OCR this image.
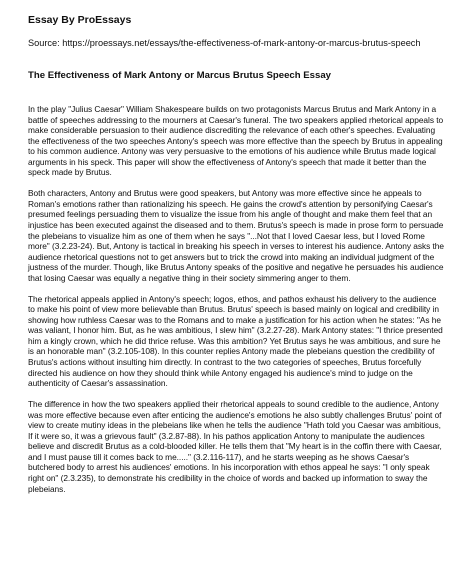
Essay By ProEssays

Source: https://proessays.net/essays/the-effectiveness-of-mark-antony-or-marcus-brutus-speech

The Effectiveness of Mark Antony or Marcus Brutus Speech Essay

In the play "Julius Caesar" William Shakespeare builds on two protagonists Marcus Brutus and Mark Antony in a battle of speeches addressing to the mourners at Caesar's funeral. The two speakers applied rhetorical appeals to make considerable persuasion to their audience discrediting the relevance of each other's speeches. Evaluating the effectiveness of the two speeches Antony's speech was more effective than the speech by Brutus in appealing to his common audience. Antony was very persuasive to the emotions of his audience while Brutus made logical arguments in his speck. This paper will show the effectiveness of Antony's speech that made it better than the speck made by Brutus.

Both characters, Antony and Brutus were good speakers, but Antony was more effective since he appeals to Roman's emotions rather than rationalizing his speech. He gains the crowd's attention by personifying Caesar's presumed feelings persuading them to visualize the issue from his angle of thought and make them feel that an injustice has been executed against the diseased and to them. Brutus's speech is made in prose form to persuade the plebeians to visualize him as one of them when he says "...Not that I loved Caesar less, but I loved Rome more" (3.2.23-24). But, Antony is tactical in breaking his speech in verses to interest his audience. Antony asks the audience rhetorical questions not to get answers but to trick the crowd into making an individual judgment of the justness of the murder. Though, like Brutus Antony speaks of the positive and negative he persuades his audience that losing Caesar was equally a negative thing in their society simmering anger to them.

The rhetorical appeals applied in Antony's speech; logos, ethos, and pathos exhaust his delivery to the audience to make his point of view more believable than Brutus. Brutus' speech is based mainly on logical and credibility in showing how ruthless Caesar was to the Romans and to make a justification for his action when he states: "As he was valiant, I honor him. But, as he was ambitious, I slew him" (3.2.27-28). Mark Antony states: "I thrice presented him a kingly crown, which he did thrice refuse. Was this ambition? Yet Brutus says he was ambitious, and sure he is an honorable man" (3.2.105-108). In this counter replies Antony made the plebeians question the credibility of Brutus's actions without insulting him directly. In contrast to the two categories of speeches, Brutus forcefully directed his audience on how they should think while Antony engaged his audience's mind to judge on the authenticity of Caesar's assassination.

The difference in how the two speakers applied their rhetorical appeals to sound credible to the audience, Antony was more effective because even after enticing the audience's emotions he also subtly challenges Brutus' point of view to create mutiny ideas in the plebeians like when he tells the audience "Hath told you Caesar was ambitious, If it were so, it was a grievous fault" (3.2.87-88). In his pathos application Antony to manipulate the audiences believe and discredit Brutus as a cold-blooded killer. He tells them that "My heart is in the coffin there with Caesar, and I must pause till it comes back to me....." (3.2.116-117), and he starts weeping as he shows Caesar's butchered body to arrest his audiences' emotions. In his incorporation with ethos appeal he says: "I only speak right on" (2.3.235), to demonstrate his credibility in the choice of words and backed up information to sway the plebeians.
